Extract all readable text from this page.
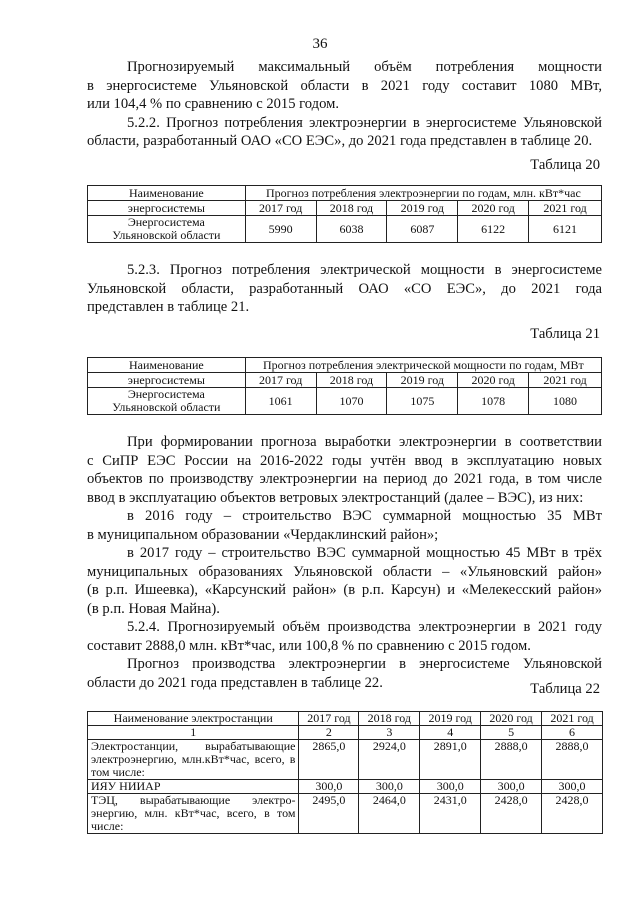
36

Прогнозируемый максимальный объём потребления мощности

в энергосистеме Ульяновской области в 2021 году составит 1080 МВт,

или 104,4 % по сравнению с 2015 годом.

5.2.2. Прогноз потребления электроэнергии в энергосистеме Ульяновской

области, разработанный ОАО «СО ЕЭС», до 2021 года представлен в таблице 20.

Таблица 20
Наименование	Прогноз потребления электроэнергии по годам, млн. кВт*час				
энергосистемы	2017 год	2018 год	2019 год	2020 год	2021 год
Энергосистема
Ульяновской области	5990	6038	6087	6122	6121

5.2.3. Прогноз потребления электрической мощности в энергосистеме

Ульяновской области, разработанный ОАО «СО ЕЭС», до 2021 года

представлен в таблице 21.

Таблица 21
Наименование	Прогноз потребления электрической мощности по годам, МВт				
энергосистемы	2017 год	2018 год	2019 год	2020 год	2021 год
Энергосистема
Ульяновской области	1061	1070	1075	1078	1080

При формировании прогноза выработки электроэнергии в соответствии

с СиПР ЕЭС России на 2016-2022 годы учтён ввод в эксплуатацию новых

объектов по производству электроэнергии на период до 2021 года, в том числе

ввод в эксплуатацию объектов ветровых электростанций (далее – ВЭС), из них:

в 2016 году – строительство ВЭС суммарной мощностью 35 МВт

в муниципальном образовании «Чердаклинский район»;

в 2017 году – строительство ВЭС суммарной мощностью 45 МВт в трёх

муниципальных образованиях Ульяновской области – «Ульяновский район»

(в р.п. Ишеевка), «Карсунский район» (в р.п. Карсун) и «Мелекесский район»

(в р.п. Новая Майна).

5.2.4. Прогнозируемый объём производства электроэнергии в 2021 году

составит 2888,0 млн. кВт*час, или 100,8 % по сравнению с 2015 годом.

Прогноз производства электроэнергии в энергосистеме Ульяновской

области до 2021 года представлен в таблице 22.	Таблица 22
Наименование электростанции	2017 год	2018 год	2019 год	2020 год	2021 год
1	2	3	4	5	6
Электростанции, вырабатывающие электроэнергию, млн.кВт*час, всего, в том числе:	2865,0	2924,0	2891,0	2888,0	2888,0
ИЯУ НИИАР	300,0	300,0	300,0	300,0	300,0
ТЭЦ, вырабатывающие электро-энергию, млн. кВт*час, всего, в том числе:	2495,0	2464,0	2431,0	2428,0	2428,0
